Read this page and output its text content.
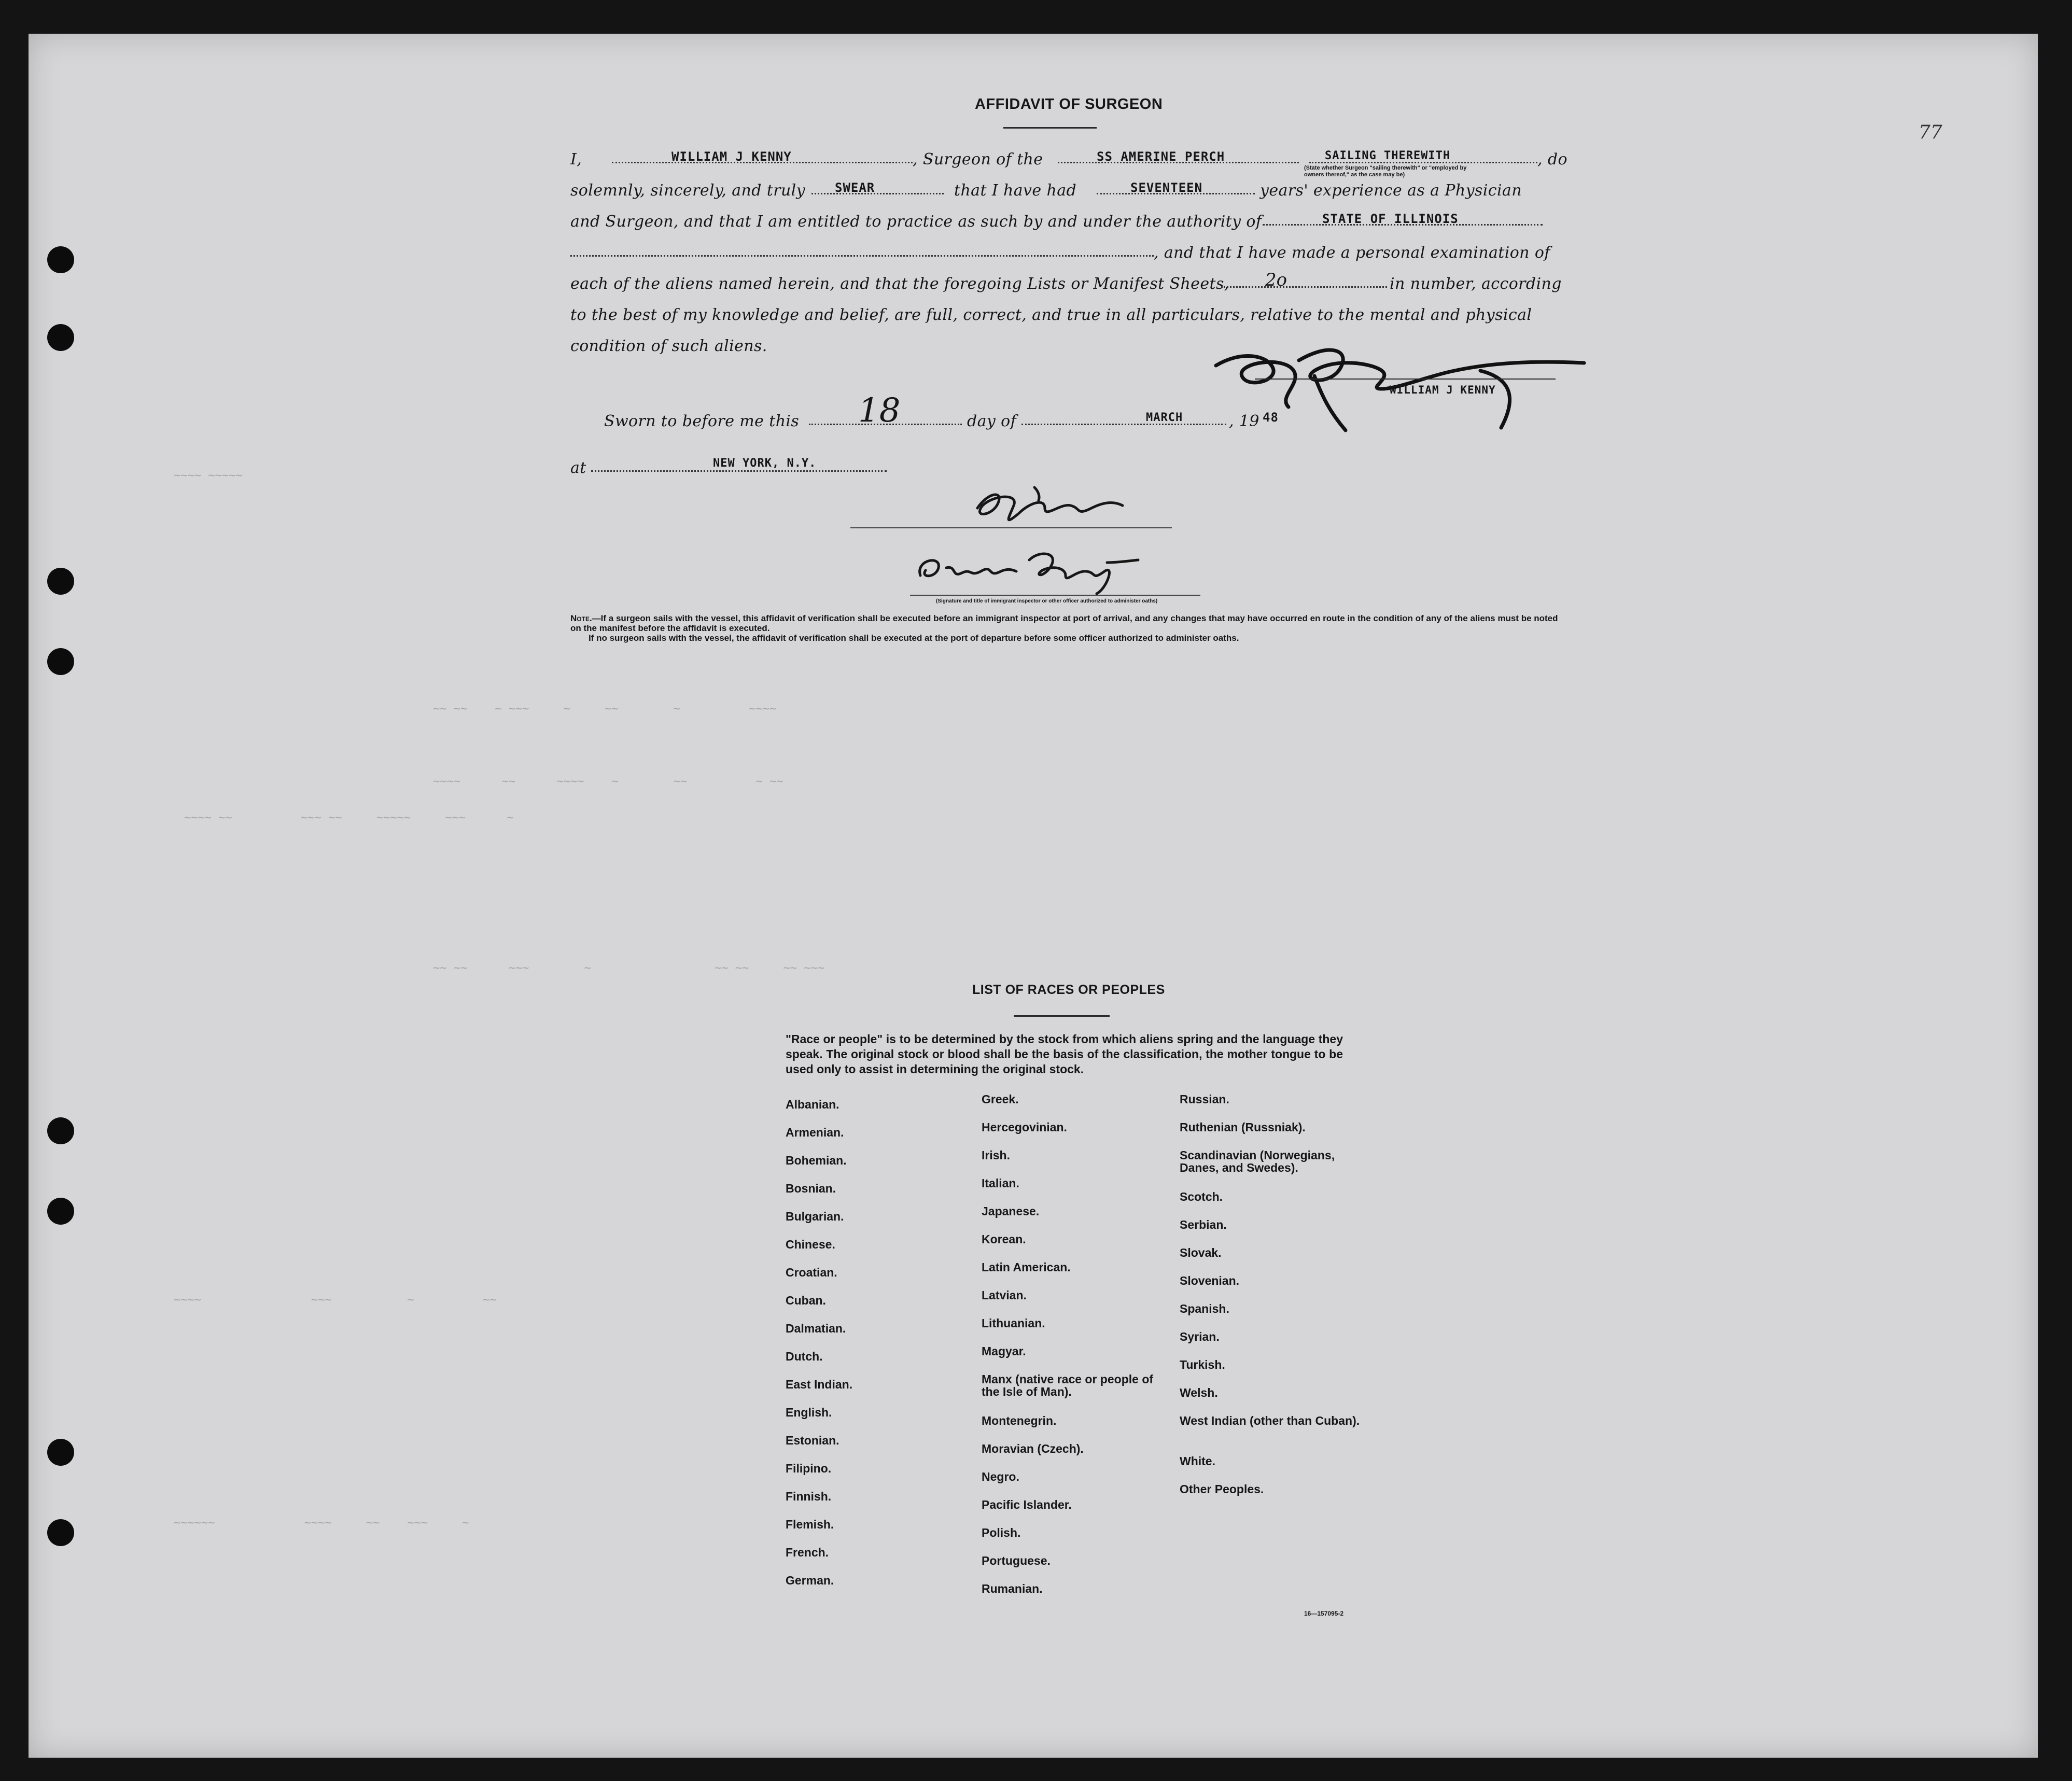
77
~~~~ ~~~~~
~~ ~~    ~ ~~~     ~     ~~        ~          ~~~~
~~~~      ~~      ~~~~    ~        ~~          ~ ~~
~~~~ ~~          ~~~ ~~     ~~~~~     ~~~      ~
~~ ~~      ~~~        ~                  ~~ ~~     ~~ ~~~
~~~~                ~~~           ~          ~~
~~~~~~             ~~~~     ~~    ~~~     ~
AFFIDAVIT OF SURGEON
I,	WILLIAM J KENNY	, Surgeon of the	SS AMERINE PERCH	SAILING THEREWITH
(State whether Surgeon "sailing therewith" or "employed by owners thereof," as the case may be)
, do
solemnly, sincerely, and truly SWEAR	that I have had	SEVENTEEN	years' experience as a Physician
and Surgeon, and that I am entitled to practice as such by and under the authority of	STATE OF ILLINOIS
, and that I have made a personal examination of
each of the aliens named herein, and that the foregoing Lists or Manifest Sheets, 2o	in number, according
to the best of my knowledge and belief, are full, correct, and true in all particulars, relative to the mental and physical
condition of such aliens.
WILLIAM J KENNY
Sworn to before me this 18	day of	MARCH	, 19 48
at	NEW YORK, N.Y.
(Signature and title of immigrant inspector or other officer authorized to administer oaths)
Note.—If a surgeon sails with the vessel, this affidavit of verification shall be executed before an immigrant inspector at port of arrival, and any changes that may have occurred en route in the condition of any of the aliens must be noted on the manifest before the affidavit is executed.
If no surgeon sails with the vessel, the affidavit of verification shall be executed at the port of departure before some officer authorized to administer oaths.
LIST OF RACES OR PEOPLES
"Race or people" is to be determined by the stock from which aliens spring and the language they speak. The original stock or blood shall be the basis of the classification, the mother tongue to be used only to assist in determining the original stock.
Albanian.
Armenian.
Bohemian.
Bosnian.
Bulgarian.
Chinese.
Croatian.
Cuban.
Dalmatian.
Dutch.
East Indian.
English.
Estonian.
Filipino.
Finnish.
Flemish.
French.
German.
Greek.
Hercegovinian.
Irish.
Italian.
Japanese.
Korean.
Latin American.
Latvian.
Lithuanian.
Magyar.
Manx (native race or people of the Isle of Man).
Montenegrin.
Moravian (Czech).
Negro.
Pacific Islander.
Polish.
Portuguese.
Rumanian.
Russian.
Ruthenian (Russniak).
Scandinavian (Norwegians, Danes, and Swedes).
Scotch.
Serbian.
Slovak.
Slovenian.
Spanish.
Syrian.
Turkish.
Welsh.
West Indian (other than Cuban).
White.
Other Peoples.
16—157095-2
